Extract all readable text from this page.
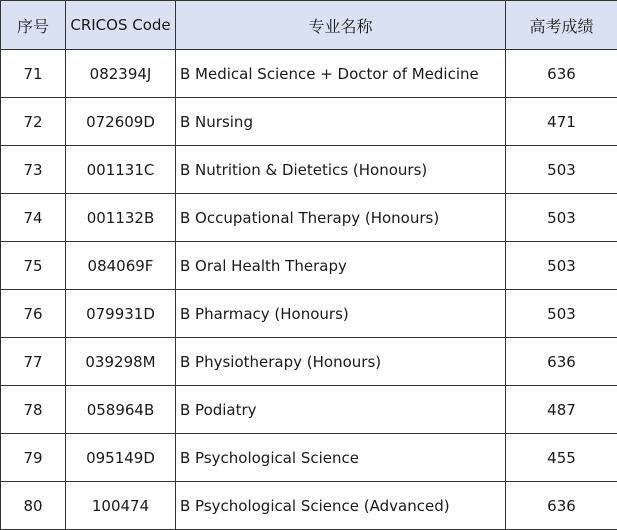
序号	CRICOS Code	专业名称	高考成绩
71	082394J	B Medical Science + Doctor of Medicine	636
72	072609D	B Nursing	471
73	001131C	B Nutrition & Dietetics (Honours)	503
74	001132B	B Occupational Therapy (Honours)	503
75	084069F	B Oral Health Therapy	503
76	079931D	B Pharmacy (Honours)	503
77	039298M	B Physiotherapy (Honours)	636
78	058964B	B Podiatry	487
79	095149D	B Psychological Science	455
80	100474	B Psychological Science (Advanced)	636
